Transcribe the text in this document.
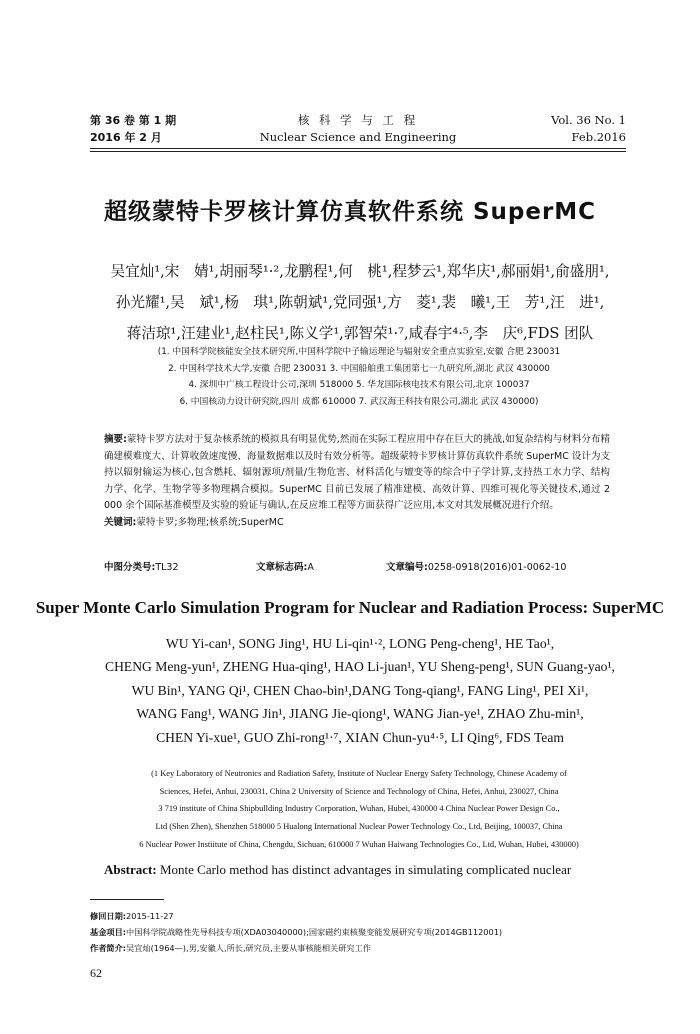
第 36 卷 第 1 期
2016 年 2 月
核 科 学 与 工 程
Nuclear Science and Engineering
Vol. 36 No. 1
Feb.2016
超级蒙特卡罗核计算仿真软件系统 SuperMC
吴宜灿¹,宋　婧¹,胡丽琴¹·²,龙鹏程¹,何　桃¹,程梦云¹,郑华庆¹,郝丽娟¹,俞盛朋¹,
孙光耀¹,吴　斌¹,杨　琪¹,陈朝斌¹,党同强¹,方　菱¹,裴　曦¹,王　芳¹,汪　进¹,
蒋洁琼¹,汪建业¹,赵柱民¹,陈义学¹,郭智荣¹·⁷,咸春宇⁴·⁵,李　庆⁶,FDS 团队
(1. 中国科学院核能安全技术研究所,中国科学院中子输运理论与辐射安全重点实验室,安徽 合肥 230031
2. 中国科学技术大学,安徽 合肥 230031 3. 中国船舶重工集团第七一九研究所,湖北 武汉 430000
4. 深圳中广核工程设计公司,深圳 518000 5. 华龙国际核电技术有限公司,北京 100037
6. 中国核动力设计研究院,四川 成都 610000 7. 武汉海王科技有限公司,湖北 武汉 430000)
摘要:蒙特卡罗方法对于复杂核系统的模拟具有明显优势,然而在实际工程应用中存在巨大的挑战,如复杂结构与材料分布精确建模难度大、计算收敛速度慢、海量数据难以及时有效分析等。超级蒙特卡罗核计算仿真软件系统 SuperMC 设计为支持以辐射输运为核心,包含燃耗、辐射源项/剂量/生物危害、材料活化与嬗变等的综合中子学计算,支持热工水力学、结构力学、化学、生物学等多物理耦合模拟。SuperMC 目前已发展了精准建模、高效计算、四维可视化等关键技术,通过 2 000 余个国际基准模型及实验的验证与确认,在反应堆工程等方面获得广泛应用,本文对其发展概况进行介绍。
关键词:蒙特卡罗;多物理;核系统;SuperMC
中图分类号:TL32	文章标志码:A	文章编号:0258-0918(2016)01-0062-10
Super Monte Carlo Simulation Program for Nuclear and Radiation Process: SuperMC
WU Yi-can¹, SONG Jing¹, HU Li-qin¹·², LONG Peng-cheng¹, HE Tao¹,
CHENG Meng-yun¹, ZHENG Hua-qing¹, HAO Li-juan¹, YU Sheng-peng¹, SUN Guang-yao¹,
WU Bin¹, YANG Qi¹, CHEN Chao-bin¹,DANG Tong-qiang¹, FANG Ling¹, PEI Xi¹,
WANG Fang¹, WANG Jin¹, JIANG Jie-qiong¹, WANG Jian-ye¹, ZHAO Zhu-min¹,
CHEN Yi-xue¹, GUO Zhi-rong¹·⁷, XIAN Chun-yu⁴·⁵, LI Qing⁶, FDS Team
(1 Key Laboratory of Neutronics and Radiation Safety, Institute of Nuclear Energy Safety Technology, Chinese Academy of
Sciences, Hefei, Anhui, 230031, China 2 University of Science and Technology of China, Hefei, Anhui, 230027, China
3 719 institute of China Shipbullding Industry Corporation, Wuhan, Hubei, 430000 4 China Nuclear Power Design Co.,
Ltd (Shen Zhen), Shenzhen 518000 5 Hualong International Nuclear Power Technology Co., Ltd, Beijing, 100037, China
6 Nuclear Power Instiitute of China, Chengdu, Sichuan, 610000 7 Wuhan Haiwang Technologies Co., Ltd, Wuhan, Hubei, 430000)
Abstract: Monte Carlo method has distinct advantages in simulating complicated nuclear
修回日期:2015-11-27
基金项目:中国科学院战略性先导科技专项(XDA03040000);国家磁约束核聚变能发展研究专项(2014GB112001)
作者简介:吴宜灿(1964—),男,安徽人,所长,研究员,主要从事核能相关研究工作
62
